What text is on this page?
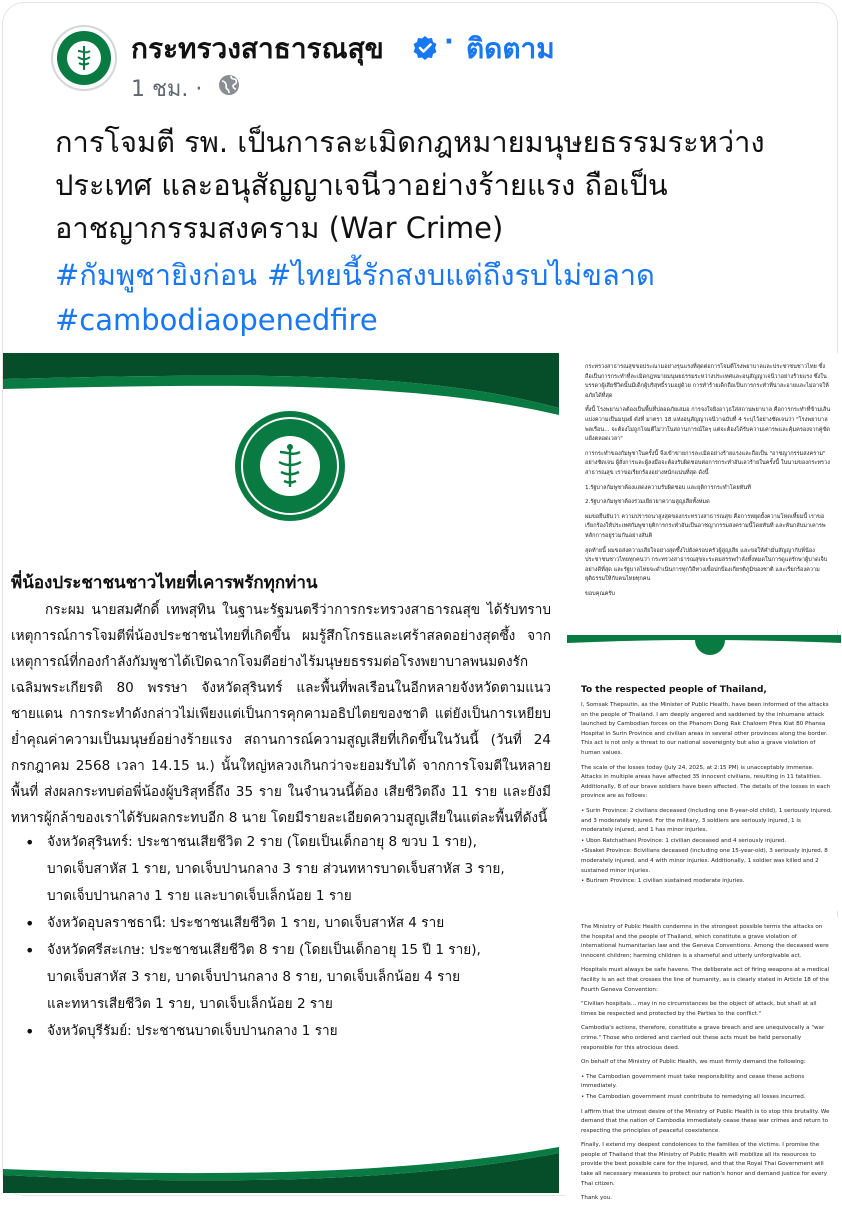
กระทรวงสาธารณสุข · ติดตาม
1 ชม. ·
การโจมตี รพ. เป็นการละเมิดกฎหมายมนุษยธรรมระหว่างประเทศ และอนุสัญญาเจนีวาอย่างร้ายแรง ถือเป็น อาชญากรรมสงคราม (War Crime)
#กัมพูชายิงก่อน #ไทยนี้รักสงบแต่ถึงรบไม่ขลาด
#cambodiaopenedfire
พี่น้องประชาชนชาวไทยที่เคารพรักทุกท่าน
กระผม นายสมศักดิ์ เทพสุทิน ในฐานะรัฐมนตรีว่าการกระทรวงสาธารณสุข ได้รับทราบเหตุการณ์การโจมตีพี่น้องประชาชนไทยที่เกิดขึ้น ผมรู้สึกโกรธและเศร้าสลดอย่างสุดซึ้ง จากเหตุการณ์ที่กองกำลังกัมพูชาได้เปิดฉากโจมตีอย่างไร้มนุษยธรรมต่อโรงพยาบาลพนมดงรักเฉลิมพระเกียรติ 80 พรรษา จังหวัดสุรินทร์ และพื้นที่พลเรือนในอีกหลายจังหวัดตามแนวชายแดน การกระทำดังกล่าวไม่เพียงแต่เป็นการคุกคามอธิปไตยของชาติ แต่ยังเป็นการเหยียบย่ำคุณค่าความเป็นมนุษย์อย่างร้ายแรง สถานการณ์ความสูญเสียที่เกิดขึ้นในวันนี้ (วันที่ 24 กรกฎาคม 2568 เวลา 14.15 น.) นั้นใหญ่หลวงเกินกว่าจะยอมรับได้ จากการโจมตีในหลายพื้นที่ ส่งผลกระทบต่อพี่น้องผู้บริสุทธิ์ถึง 35 ราย ในจำนวนนี้ต้อง เสียชีวิตถึง 11 ราย และยังมีทหารผู้กล้าของเราได้รับผลกระทบอีก 8 นาย โดยมีรายละเอียดความสูญเสียในแต่ละพื้นที่ดังนี้
• จังหวัดสุรินทร์: ประชาชนเสียชีวิต 2 ราย (โดยเป็นเด็กอายุ 8 ขวบ 1 ราย),
บาดเจ็บสาหัส 1 ราย, บาดเจ็บปานกลาง 3 ราย ส่วนทหารบาดเจ็บสาหัส 3 ราย,
บาดเจ็บปานกลาง 1 ราย และบาดเจ็บเล็กน้อย 1 ราย
• จังหวัดอุบลราชธานี: ประชาชนเสียชีวิต 1 ราย, บาดเจ็บสาหัส 4 ราย
• จังหวัดศรีสะเกษ: ประชาชนเสียชีวิต 8 ราย (โดยเป็นเด็กอายุ 15 ปี 1 ราย),
บาดเจ็บสาหัส 3 ราย, บาดเจ็บปานกลาง 8 ราย, บาดเจ็บเล็กน้อย 4 ราย
และทหารเสียชีวิต 1 ราย, บาดเจ็บเล็กน้อย 2 ราย
• จังหวัดบุรีรัมย์: ประชาชนบาดเจ็บปานกลาง 1 ราย

กระทรวงสาธารณสุขขอประณามอย่างรุนแรงที่สุดต่อการโจมตีโรงพยาบาลและประชาชนชาวไทย ซึ่งถือเป็นการกระทำที่ละเมิดกฎหมายมนุษยธรรมระหว่างประเทศและอนุสัญญาเจนีวาอย่างร้ายแรง ซึ่งในบรรดาผู้เสียชีวิตนั้นมีเด็กผู้บริสุทธิ์รวมอยู่ด้วย การทำร้ายเด็กถือเป็นการกระทำที่น่าละอายและไม่อาจให้อภัยได้ที่สุด

ทั้งนี้ โรงพยาบาลต้องเป็นพื้นที่ปลอดภัยเสมอ การจงใจยิงอาวุธใส่สถานพยาบาล คือการกระทำที่ข้ามเส้นแบ่งความเป็นมนุษย์ ดังที่ มาตรา 18 แห่งอนุสัญญาเจนีวาฉบับที่ 4 ระบุไว้อย่างชัดเจนว่า "โรงพยาบาลพลเรือน... จะต้องไม่ถูกโจมตีไม่ว่าในสถานการณ์ใดๆ แต่จะต้องได้รับความเคารพและคุ้มครองจากคู่ขัดแย้งตลอดเวลา"

การกระทำของกัมพูชาในครั้งนี้ จึงเข้าข่ายการละเมิดอย่างร้ายแรงและถือเป็น "อาชญากรรมสงคราม" อย่างชัดเจน ผู้สั่งการและผู้ลงมือจะต้องรับผิดชอบต่อการกระทำอันเลวร้ายในครั้งนี้ ในนามของกระทรวงสาธารณสุข เราขอเรียกร้องอย่างหนักแน่นที่สุด ดังนี้

1.รัฐบาลกัมพูชาต้องแสดงความรับผิดชอบ และยุติการกระทำโดยทันที

2.รัฐบาลกัมพูชาต้องร่วมเยียวยาความสูญเสียทั้งหมด

ผมขอยืนยันว่า ความปรารถนาสูงสุดของกระทรวงสาธารณสุข คือการหยุดยั้งความโหดเหี้ยมนี้ เราขอเรียกร้องให้ประเทศกัมพูชายุติการกระทำอันเป็นอาชญากรรมสงครามนี้โดยทันที และหันกลับมาเคารพหลักการอยู่ร่วมกันอย่างสันติ

สุดท้ายนี้ ผมขอส่งความเสียใจอย่างสุดซึ้งไปยังครอบครัวผู้สูญเสีย และขอให้คำมั่นสัญญากับพี่น้องประชาชนชาวไทยทุกคนว่า กระทรวงสาธารณสุขจะระดมสรรพกำลังทั้งหมดในการดูแลรักษาผู้บาดเจ็บอย่างดีที่สุด และรัฐบาลไทยจะดำเนินการทุกวิถีทางเพื่อปกป้องเกียรติภูมิของชาติ และเรียกร้องความยุติธรรมให้กับคนไทยทุกคน

ขอบคุณครับ

To the respected people of Thailand,

I, Somsak Thepsutin, as the Minister of Public Health, have been informed of the attacks on the people of Thailand. I am deeply angered and saddened by the inhumane attack launched by Cambodian forces on the Phanom Dong Rak Chaloem Phra Kiat 80 Phansa Hospital in Surin Province and civilian areas in several other provinces along the border. This act is not only a threat to our national sovereignty but also a grave violation of human values.

The scale of the losses today (July 24, 2025, at 2:15 PM) is unacceptably immense. Attacks in multiple areas have affected 35 innocent civilians, resulting in 11 fatalities. Additionally, 8 of our brave soldiers have been affected. The details of the losses in each province are as follows:

• Surin Province: 2 civilians deceased (including one 8-year-old child), 1 seriously injured, and 3 moderately injured. For the military, 3 soldiers are seriously injured, 1 is moderately injured, and 1 has minor injuries.

• Ubon Ratchathani Province: 1 civilian deceased and 4 seriously injured.

•Sisaket Province: 8civilians deceased (including one 15-year-old), 3 seriously injured, 8 moderately injured, and 4 with minor injuries. Additionally, 1 soldier was killed and 2 sustained minor injuries.

• Buriram Province: 1 civilian sustained moderate injuries.

The Ministry of Public Health condemns in the strongest possible terms the attacks on the hospital and the people of Thailand, which constitute a grave violation of international humanitarian law and the Geneva Conventions. Among the deceased were innocent children; harming children is a shameful and utterly unforgivable act.

Hospitals must always be safe havens. The deliberate act of firing weapons at a medical facility is an act that crosses the line of humanity, as is clearly stated in Article 18 of the Fourth Geneva Convention:

"Civilian hospitals... may in no circumstances be the object of attack, but shall at all times be respected and protected by the Parties to the conflict."

Cambodia's actions, therefore, constitute a grave breach and are unequivocally a "war crime." Those who ordered and carried out these acts must be held personally responsible for this atrocious deed.

On behalf of the Ministry of Public Health, we must firmly demand the following:

• The Cambodian government must take responsibility and cease these actions immediately.

• The Cambodian government must contribute to remedying all losses incurred.

I affirm that the utmost desire of the Ministry of Public Health is to stop this brutality. We demand that the nation of Cambodia immediately cease these war crimes and return to respecting the principles of peaceful coexistence.

Finally, I extend my deepest condolences to the families of the victims. I promise the people of Thailand that the Ministry of Public Health will mobilize all its resources to provide the best possible care for the injured, and that the Royal Thai Government will take all necessary measures to protect our nation's honor and demand justice for every Thai citizen.

Thank you.
